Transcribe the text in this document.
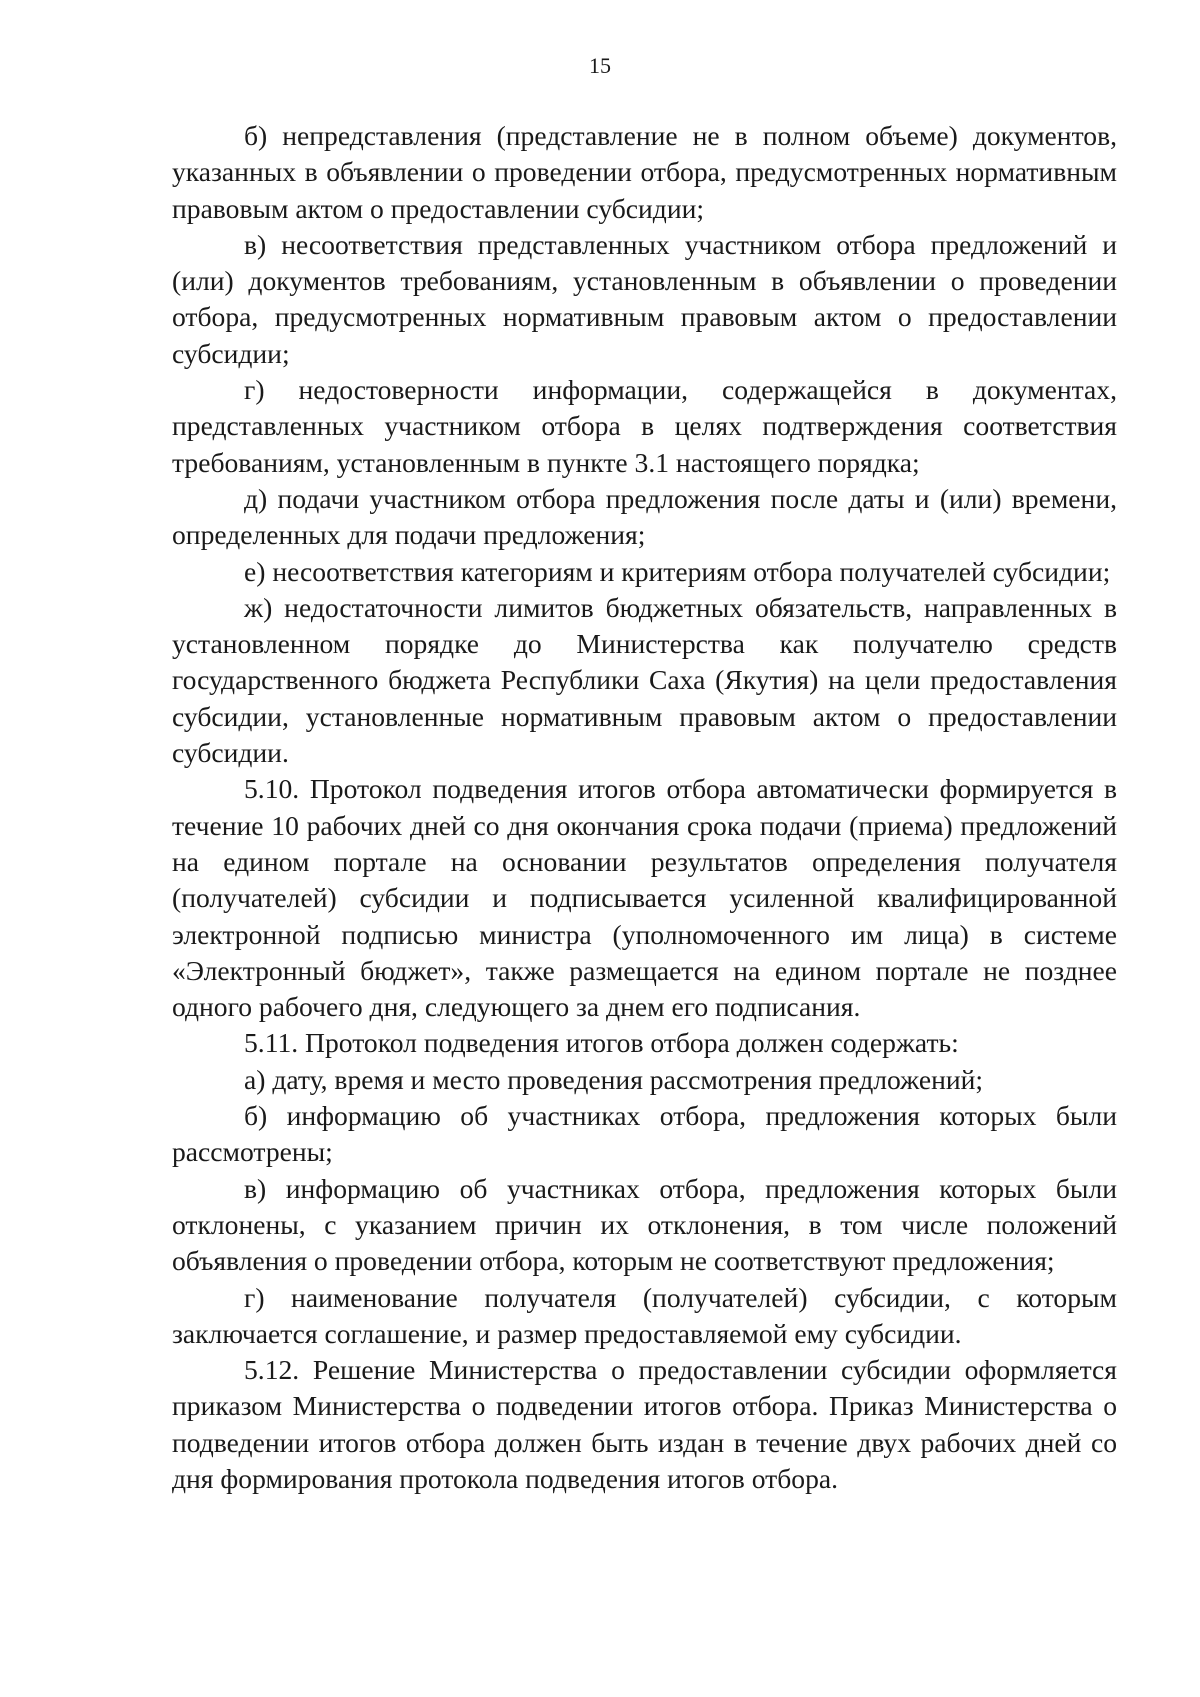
15

б) непредставления (представление не в полном объеме) документов, указанных в объявлении о проведении отбора, предусмотренных нормативным правовым актом о предоставлении субсидии;

в) несоответствия представленных участником отбора предложений и (или) документов требованиям, установленным в объявлении о проведении отбора, предусмотренных нормативным правовым актом о предоставлении субсидии;

г) недостоверности информации, содержащейся в документах, представленных участником отбора в целях подтверждения соответствия требованиям, установленным в пункте 3.1 настоящего порядка;

д) подачи участником отбора предложения после даты и (или) времени, определенных для подачи предложения;

е) несоответствия категориям и критериям отбора получателей субсидии;

ж) недостаточности лимитов бюджетных обязательств, направленных в установленном порядке до Министерства как получателю средств государственного бюджета Республики Саха (Якутия) на цели предоставления субсидии, установленные нормативным правовым актом о предоставлении субсидии.

5.10. Протокол подведения итогов отбора автоматически формируется в течение 10 рабочих дней со дня окончания срока подачи (приема) предложений на едином портале на основании результатов определения получателя (получателей) субсидии и подписывается усиленной квалифицированной электронной подписью министра (уполномоченного им лица) в системе «Электронный бюджет», также размещается на едином портале не позднее одного рабочего дня, следующего за днем его подписания.

5.11. Протокол подведения итогов отбора должен содержать:

а) дату, время и место проведения рассмотрения предложений;

б) информацию об участниках отбора, предложения которых были рассмотрены;

в) информацию об участниках отбора, предложения которых были отклонены, с указанием причин их отклонения, в том числе положений объявления о проведении отбора, которым не соответствуют предложения;

г) наименование получателя (получателей) субсидии, с которым заключается соглашение, и размер предоставляемой ему субсидии.

5.12. Решение Министерства о предоставлении субсидии оформляется приказом Министерства о подведении итогов отбора. Приказ Министерства о подведении итогов отбора должен быть издан в течение двух рабочих дней со дня формирования протокола подведения итогов отбора.
